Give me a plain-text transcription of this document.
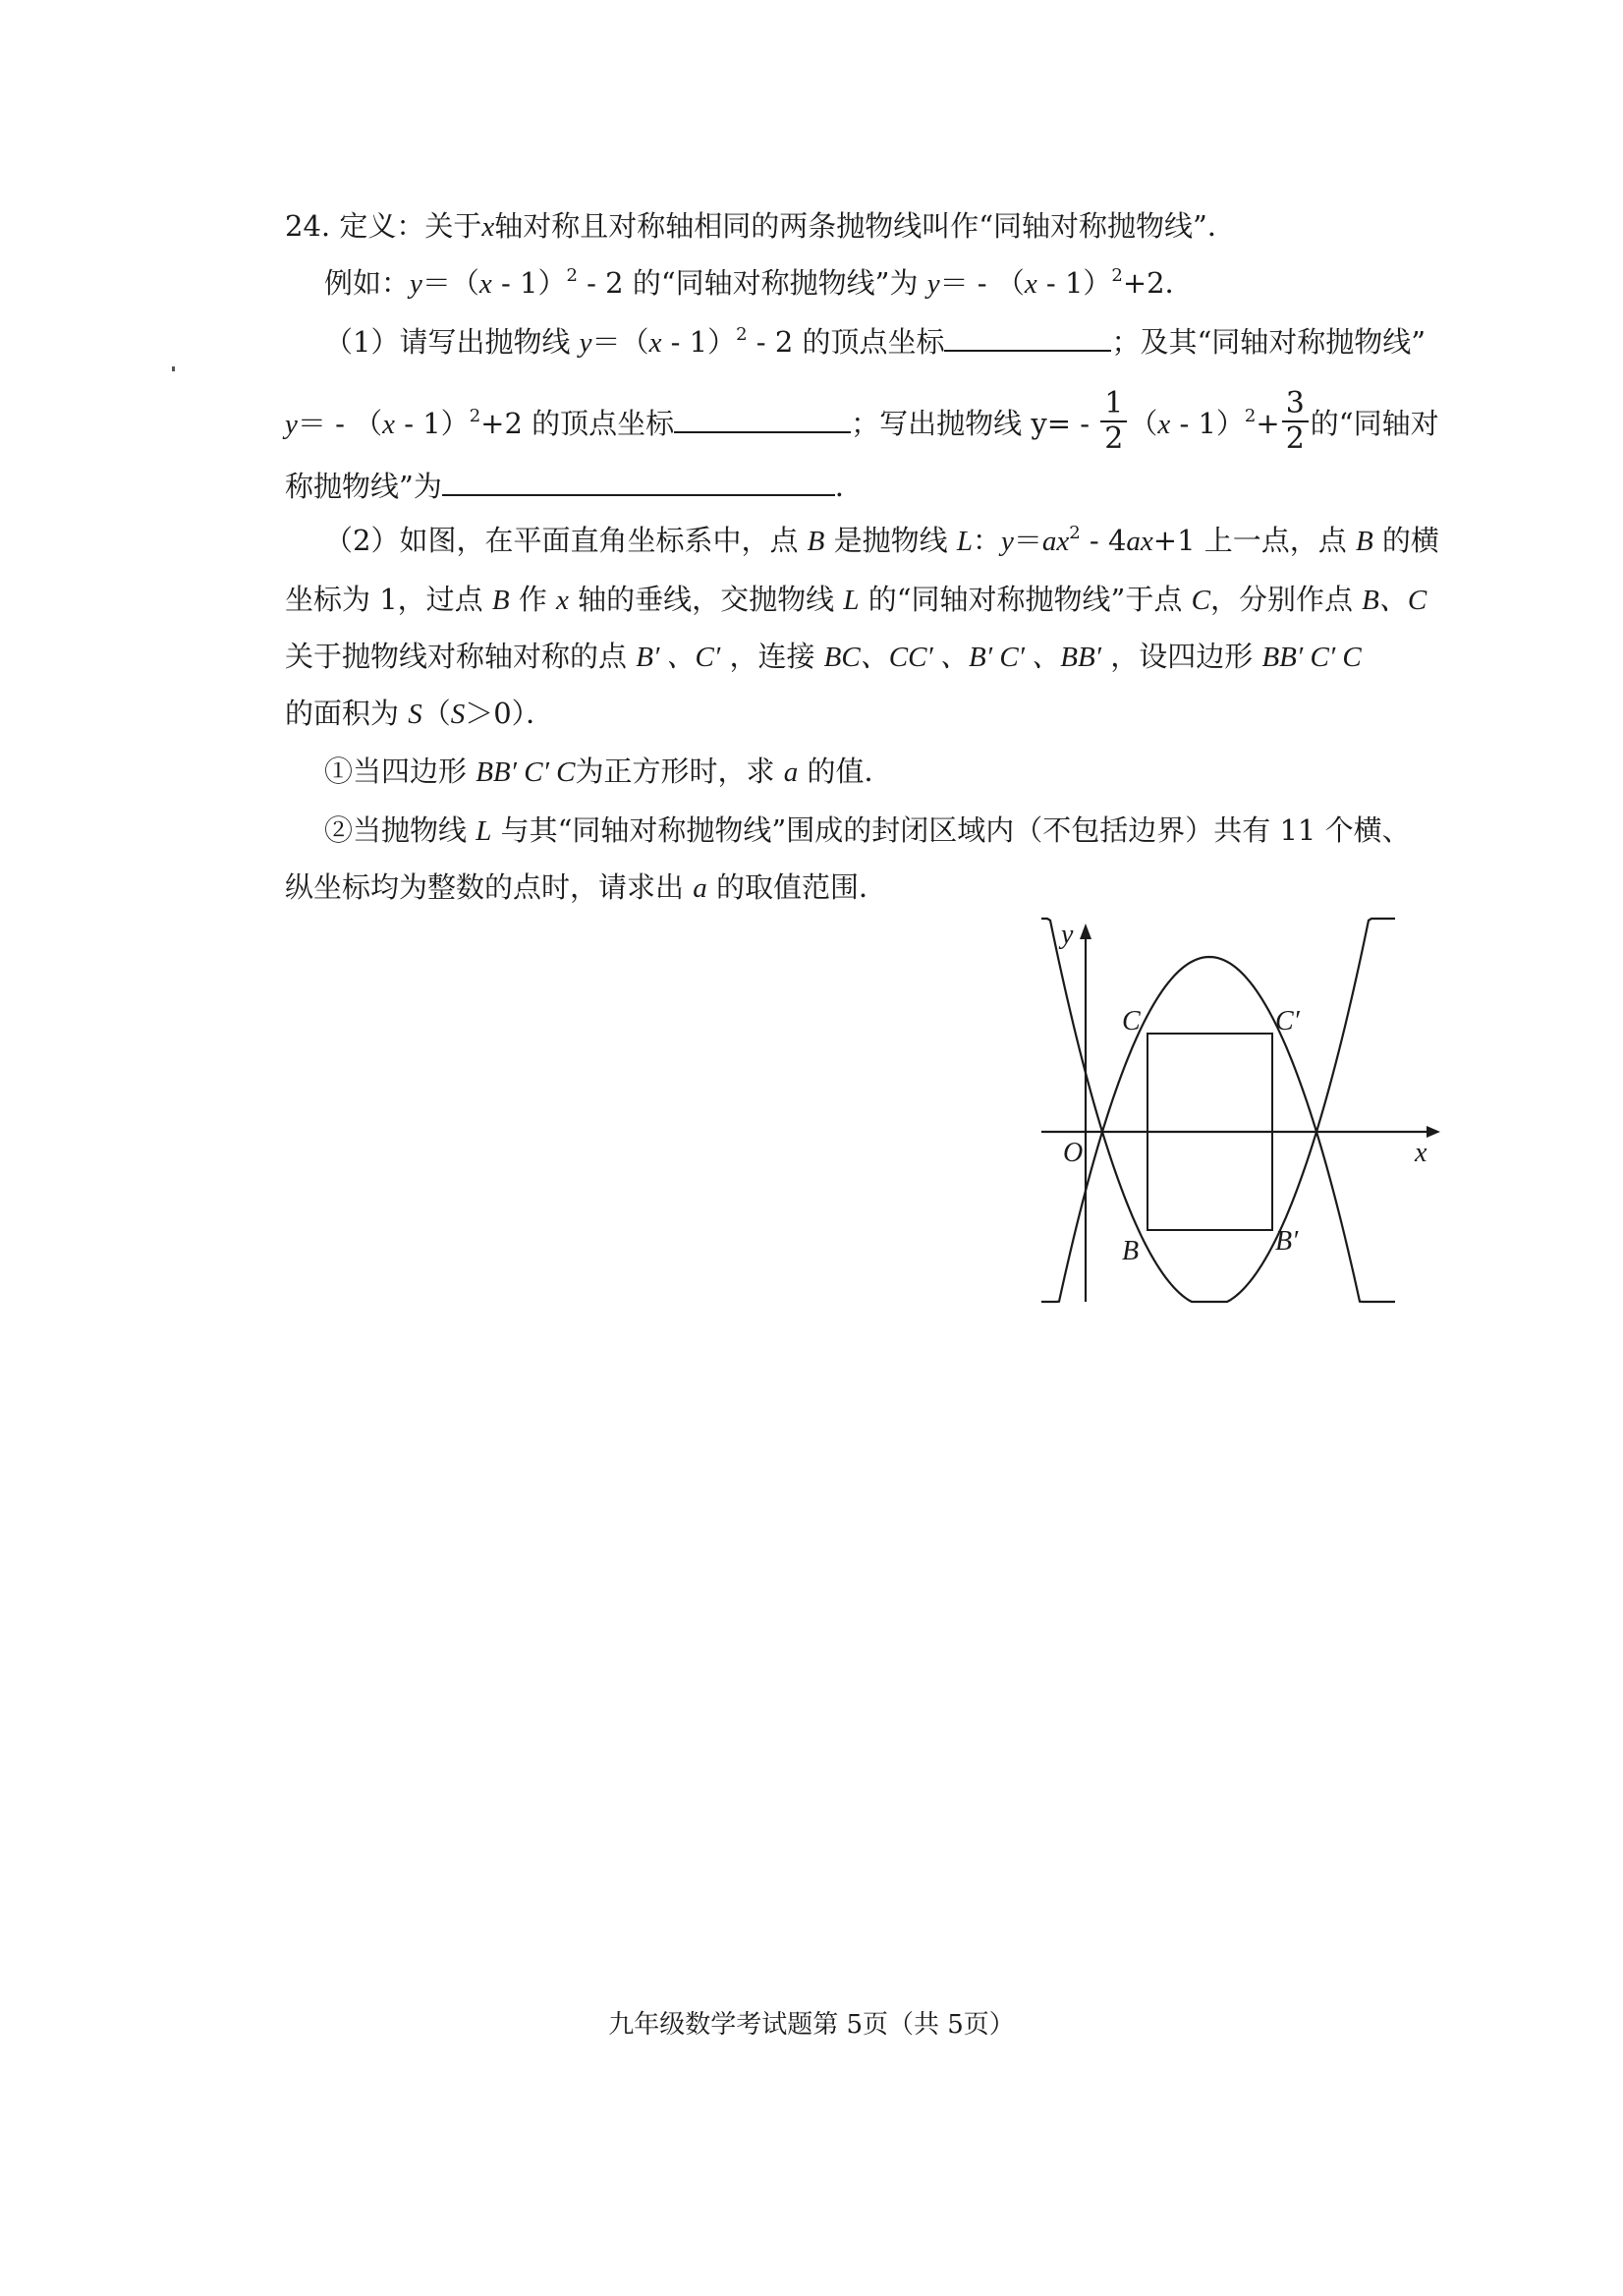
24. 定义：关于x轴对称且对称轴相同的两条抛物线叫作“同轴对称抛物线”．
例如：y＝（x - 1）$^2$ - 2 的“同轴对称抛物线”为 y＝ - （x - 1）$^2$+2．
（1）请写出抛物线 y＝（x - 1）$^2$ - 2 的顶点坐标	；及其“同轴对称抛物线”
y＝ - （x - 1）$^2$+2 的顶点坐标	；写出抛物线 $y= - \frac{1}{2} (x - 1)^2+ \frac{3}{2}$ 的“同轴对
称抛物线”为	．
（2）如图，在平面直角坐标系中，点 B 是抛物线 L：$y=ax^2 - 4ax+1$ 上一点，点 B 的横
坐标为 1，过点 B 作 x 轴的垂线，交抛物线 L 的“同轴对称抛物线”于点 C，分别作点 B、C
关于抛物线对称轴对称的点 B′ 、C′ ，连接 BC、CC′ 、B′ C′ 、BB′ ，设四边形 BB′ C′ C
的面积为 S（S＞0）．
①当四边形 BB′ C′ C为正方形时，求 a 的值．
②当抛物线 L 与其“同轴对称抛物线”围成的封闭区域内（不包括边界）共有 11 个横、
纵坐标均为整数的点时，请求出 a 的取值范围．
y
x
O
C	C′
B	B′
九年级数学考试题第 5页（共 5页）
